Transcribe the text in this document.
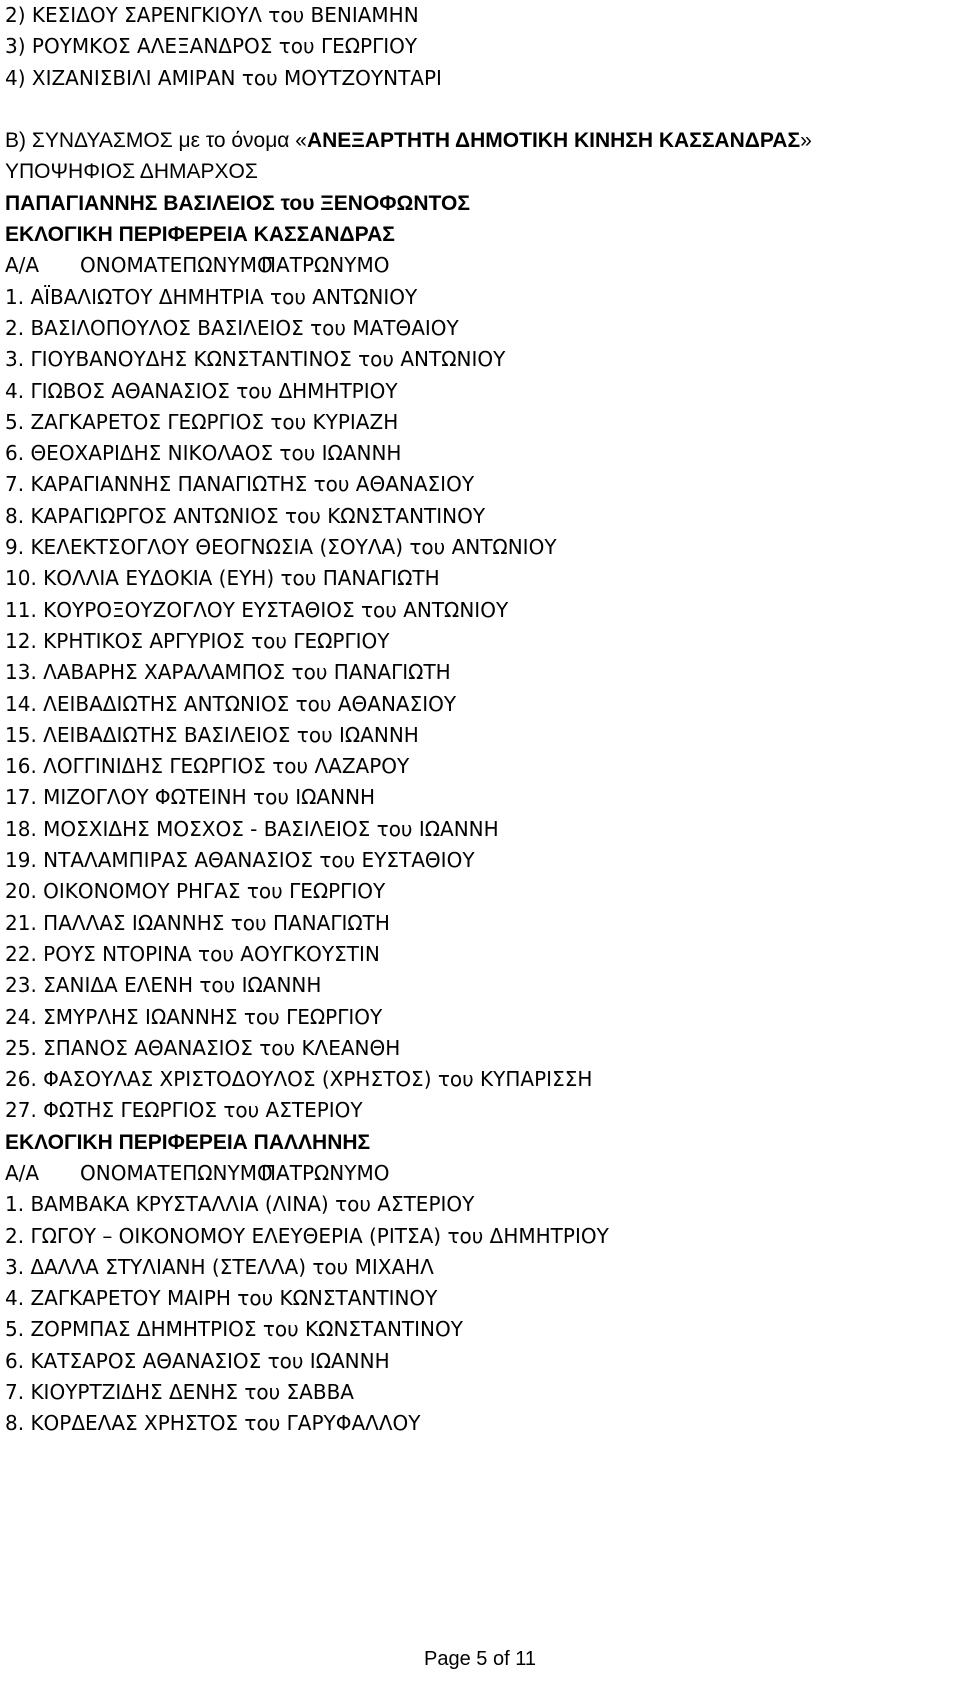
2) ΚΕΣΙΔΟΥ ΣΑΡΕΝΓΚΙΟΥΛ του ΒΕΝΙΑΜΗΝ
3) ΡΟΥΜΚΟΣ ΑΛΕΞΑΝΔΡΟΣ του ΓΕΩΡΓΙΟΥ
4) ΧΙΖΑΝΙΣΒΙΛΙ ΑΜΙΡΑΝ του ΜΟΥΤΖΟΥΝΤΑΡΙ
Β) ΣΥΝΔΥΑΣΜΟΣ με το όνομα «ΑΝΕΞΑΡΤΗΤΗ ΔΗΜΟΤΙΚΗ ΚΙΝΗΣΗ ΚΑΣΣΑΝΔΡΑΣ»
ΥΠΟΨΗΦΙΟΣ ΔΗΜΑΡΧΟΣ
ΠΑΠΑΓΙΑΝΝΗΣ ΒΑΣΙΛΕΙΟΣ του ΞΕΝΟΦΩΝΤΟΣ
ΕΚΛΟΓΙΚΗ ΠΕΡΙΦΕΡΕΙΑ ΚΑΣΣΑΝΔΡΑΣ
Α/Α ΟΝΟΜΑΤΕΠΩΝΥΜΟΠΑΤΡΩΝΥΜΟ
1. ΑΪΒΑΛΙΩΤΟΥ ΔΗΜΗΤΡΙΑ του ΑΝΤΩΝΙΟΥ
2. ΒΑΣΙΛΟΠΟΥΛΟΣ ΒΑΣΙΛΕΙΟΣ του ΜΑΤΘΑΙΟΥ
3. ΓΙΟΥΒΑΝΟΥΔΗΣ ΚΩΝΣΤΑΝΤΙΝΟΣ του ΑΝΤΩΝΙΟΥ
4. ΓΙΩΒΟΣ ΑΘΑΝΑΣΙΟΣ του ΔΗΜΗΤΡΙΟΥ
5. ΖΑΓΚΑΡΕΤΟΣ ΓΕΩΡΓΙΟΣ του ΚΥΡΙΑΖΗ
6. ΘΕΟΧΑΡΙΔΗΣ ΝΙΚΟΛΑΟΣ του ΙΩΑΝΝΗ
7. ΚΑΡΑΓΙΑΝΝΗΣ ΠΑΝΑΓΙΩΤΗΣ του ΑΘΑΝΑΣΙΟΥ
8. ΚΑΡΑΓΙΩΡΓΟΣ ΑΝΤΩΝΙΟΣ του ΚΩΝΣΤΑΝΤΙΝΟΥ
9. ΚΕΛΕΚΤΣΟΓΛΟΥ ΘΕΟΓΝΩΣΙΑ (ΣΟΥΛΑ) του ΑΝΤΩΝΙΟΥ
10. ΚΟΛΛΙΑ ΕΥΔΟΚΙΑ (ΕΥΗ) του ΠΑΝΑΓΙΩΤΗ
11. ΚΟΥΡΟΞΟΥΖΟΓΛΟΥ ΕΥΣΤΑΘΙΟΣ του ΑΝΤΩΝΙΟΥ
12. ΚΡΗΤΙΚΟΣ ΑΡΓΥΡΙΟΣ του ΓΕΩΡΓΙΟΥ
13. ΛΑΒΑΡΗΣ ΧΑΡΑΛΑΜΠΟΣ του ΠΑΝΑΓΙΩΤΗ
14. ΛΕΙΒΑΔΙΩΤΗΣ ΑΝΤΩΝΙΟΣ του ΑΘΑΝΑΣΙΟΥ
15. ΛΕΙΒΑΔΙΩΤΗΣ ΒΑΣΙΛΕΙΟΣ του ΙΩΑΝΝΗ
16. ΛΟΓΓΙΝΙΔΗΣ ΓΕΩΡΓΙΟΣ του ΛΑΖΑΡΟΥ
17. ΜΙΖΟΓΛΟΥ ΦΩΤΕΙΝΗ του ΙΩΑΝΝΗ
18. ΜΟΣΧΙΔΗΣ ΜΟΣΧΟΣ - ΒΑΣΙΛΕΙΟΣ του ΙΩΑΝΝΗ
19. ΝΤΑΛΑΜΠΙΡΑΣ ΑΘΑΝΑΣΙΟΣ του ΕΥΣΤΑΘΙΟΥ
20. ΟΙΚΟΝΟΜΟΥ ΡΗΓΑΣ του ΓΕΩΡΓΙΟΥ
21. ΠΑΛΛΑΣ ΙΩΑΝΝΗΣ του ΠΑΝΑΓΙΩΤΗ
22. ΡΟΥΣ ΝΤΟΡΙΝΑ του ΑΟΥΓΚΟΥΣΤΙΝ
23. ΣΑΝΙΔΑ ΕΛΕΝΗ του ΙΩΑΝΝΗ
24. ΣΜΥΡΛΗΣ ΙΩΑΝΝΗΣ του ΓΕΩΡΓΙΟΥ
25. ΣΠΑΝΟΣ ΑΘΑΝΑΣΙΟΣ του ΚΛΕΑΝΘΗ
26. ΦΑΣΟΥΛΑΣ ΧΡΙΣΤΟΔΟΥΛΟΣ (ΧΡΗΣΤΟΣ) του ΚΥΠΑΡΙΣΣΗ
27. ΦΩΤΗΣ ΓΕΩΡΓΙΟΣ του ΑΣΤΕΡΙΟΥ
ΕΚΛΟΓΙΚΗ ΠΕΡΙΦΕΡΕΙΑ ΠΑΛΛΗΝΗΣ
Α/Α ΟΝΟΜΑΤΕΠΩΝΥΜΟΠΑΤΡΩΝΥΜΟ
1. ΒΑΜΒΑΚΑ ΚΡΥΣΤΑΛΛΙΑ (ΛΙΝΑ) του ΑΣΤΕΡΙΟΥ
2. ΓΩΓΟΥ – ΟΙΚΟΝΟΜΟΥ ΕΛΕΥΘΕΡΙΑ (ΡΙΤΣΑ) του ΔΗΜΗΤΡΙΟΥ
3. ΔΑΛΛΑ ΣΤΥΛΙΑΝΗ (ΣΤΕΛΛΑ) του ΜΙΧΑΗΛ
4. ΖΑΓΚΑΡΕΤΟΥ ΜΑΙΡΗ του ΚΩΝΣΤΑΝΤΙΝΟΥ
5. ΖΟΡΜΠΑΣ ΔΗΜΗΤΡΙΟΣ του ΚΩΝΣΤΑΝΤΙΝΟΥ
6. ΚΑΤΣΑΡΟΣ ΑΘΑΝΑΣΙΟΣ του ΙΩΑΝΝΗ
7. ΚΙΟΥΡΤΖΙΔΗΣ ΔΕΝΗΣ του ΣΑΒΒΑ
8. ΚΟΡΔΕΛΑΣ ΧΡΗΣΤΟΣ του ΓΑΡΥΦΑΛΛΟΥ
Page 5 of 11
